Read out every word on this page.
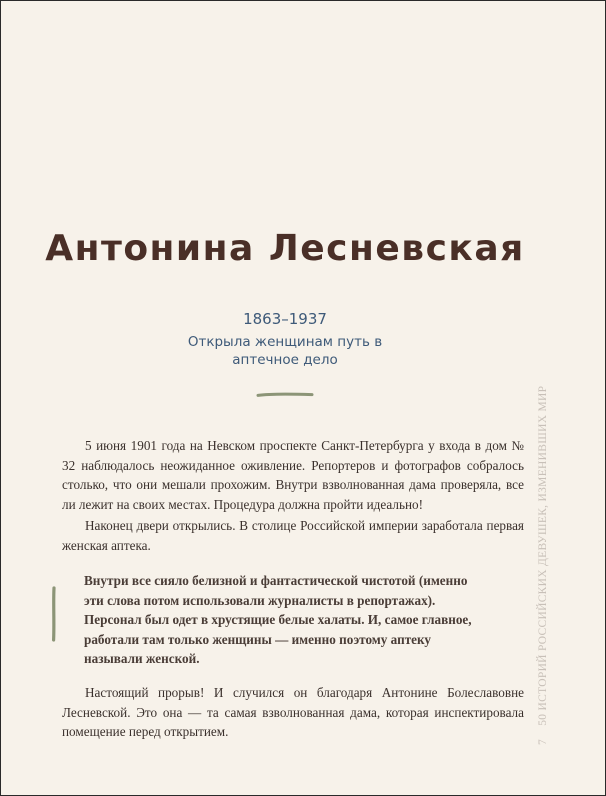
Антонина Лесневская
1863–1937
Открыла женщинам путь в аптечное дело

5 июня 1901 года на Невском проспекте Санкт-Петербурга у входа в дом № 32 наблюдалось неожиданное оживление. Репортеров и фотографов собралось столько, что они мешали прохожим. Внутри взволнованная дама проверяла, все ли лежит на своих местах. Процедура должна пройти идеально!

Наконец двери открылись. В столице Российской империи заработала первая женская аптека.

Внутри все сияло белизной и фантастической чистотой (именно эти слова потом использовали журналисты в репортажах). Персонал был одет в хрустящие белые халаты. И, самое главное, работали там только женщины — именно поэтому аптеку называли женской.

Настоящий прорыв! И случился он благодаря Антонине Болеславовне Лесневской. Это она — та самая взволнованная дама, которая инспектировала помещение перед открытием.

7 50 ИСТОРИЙ РОССИЙСКИХ ДЕВУШЕК, ИЗМЕНИВШИХ МИР
